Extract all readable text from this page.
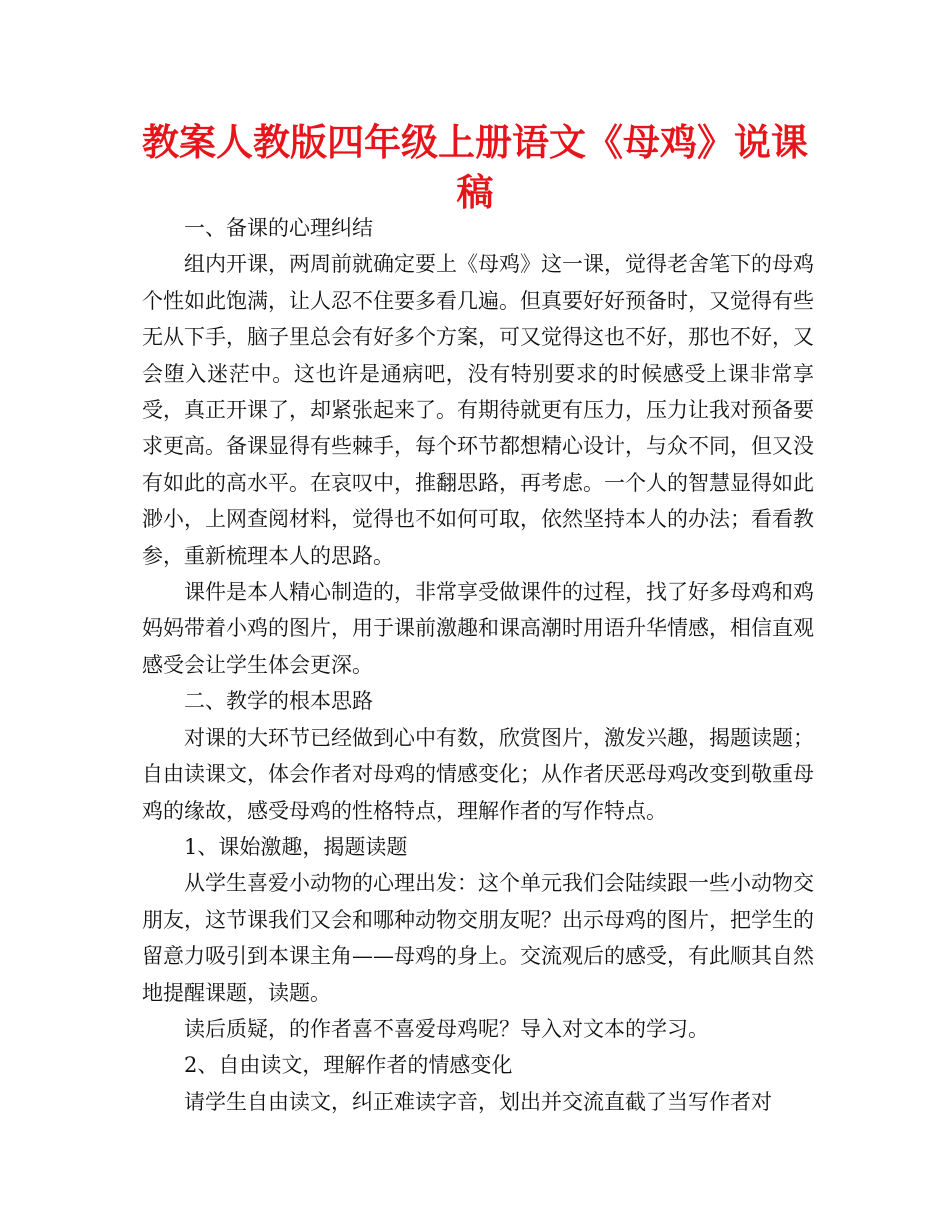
教案人教版四年级上册语文《母鸡》说课稿

一、备课的心理纠结

组内开课，两周前就确定要上《母鸡》这一课，觉得老舍笔下的母鸡个性如此饱满，让人忍不住要多看几遍。但真要好好预备时，又觉得有些无从下手，脑子里总会有好多个方案，可又觉得这也不好，那也不好，又会堕入迷茫中。这也许是通病吧，没有特别要求的时候感受上课非常享受，真正开课了，却紧张起来了。有期待就更有压力，压力让我对预备要求更高。备课显得有些棘手，每个环节都想精心设计，与众不同，但又没有如此的高水平。在哀叹中，推翻思路，再考虑。一个人的智慧显得如此渺小，上网查阅材料，觉得也不如何可取，依然坚持本人的办法；看看教参，重新梳理本人的思路。

课件是本人精心制造的，非常享受做课件的过程，找了好多母鸡和鸡妈妈带着小鸡的图片，用于课前激趣和课高潮时用语升华情感，相信直观感受会让学生体会更深。

二、教学的根本思路

对课的大环节已经做到心中有数，欣赏图片，激发兴趣，揭题读题；自由读课文，体会作者对母鸡的情感变化；从作者厌恶母鸡改变到敬重母鸡的缘故，感受母鸡的性格特点，理解作者的写作特点。

1、课始激趣，揭题读题

从学生喜爱小动物的心理出发：这个单元我们会陆续跟一些小动物交朋友，这节课我们又会和哪种动物交朋友呢？出示母鸡的图片，把学生的留意力吸引到本课主角——母鸡的身上。交流观后的感受，有此顺其自然地提醒课题，读题。

读后质疑，的作者喜不喜爱母鸡呢？导入对文本的学习。

2、自由读文，理解作者的情感变化

请学生自由读文，纠正难读字音，划出并交流直截了当写作者对
